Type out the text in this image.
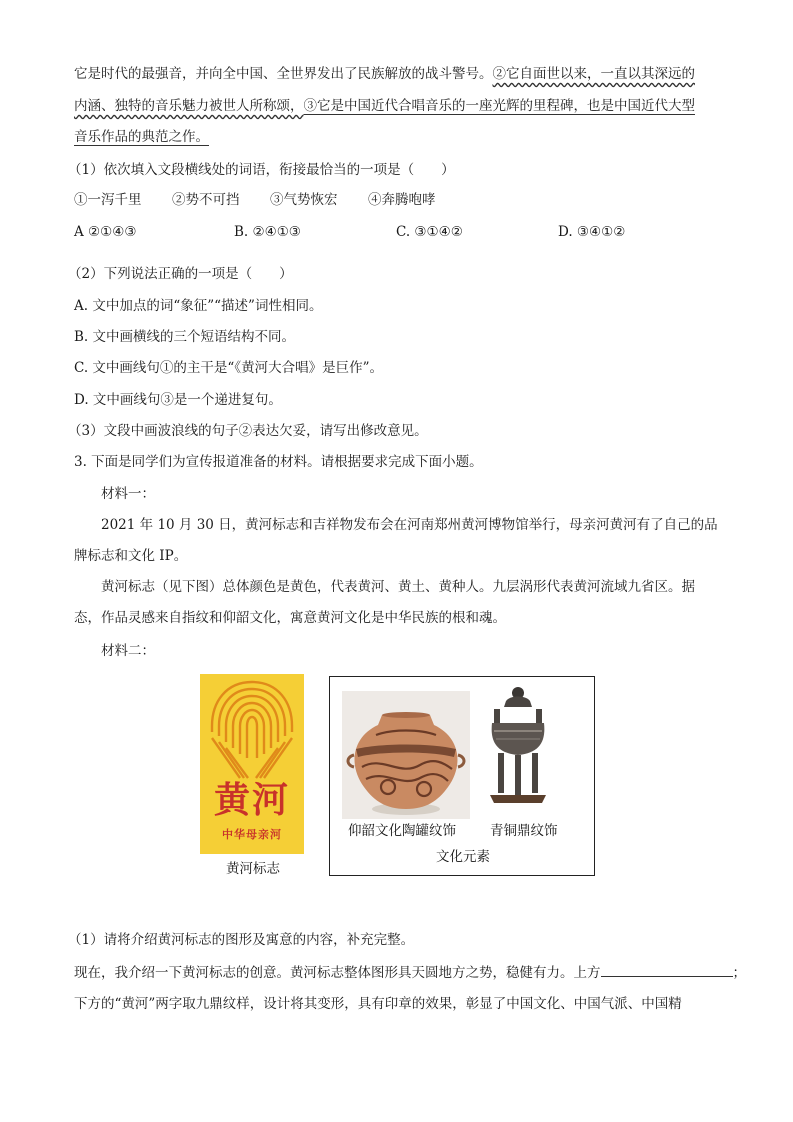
它是时代的最强音，并向全中国、全世界发出了民族解放的战斗警号。②它自面世以来，一直以其深远的
内涵、独特的音乐魅力被世人所称颂，③它是中国近代合唱音乐的一座光辉的里程碑，也是中国近代大型
音乐作品的典范之作。
（1）依次填入文段横线处的词语，衔接最恰当的一项是（　　）
①一泻千里 ②势不可挡 ③气势恢宏 ④奔腾咆哮
A ②①④③	B. ②④①③	C. ③①④②	D. ③④①②
（2）下列说法正确的一项是（　　）
A. 文中加点的词“象征”“描述”词性相同。
B. 文中画横线的三个短语结构不同。
C. 文中画线句①的主干是“《黄河大合唱》是巨作”。
D. 文中画线句③是一个递进复句。
（3）文段中画波浪线的句子②表达欠妥，请写出修改意见。
3. 下面是同学们为宣传报道准备的材料。请根据要求完成下面小题。
材料一：
2021 年 10 月 30 日，黄河标志和吉祥物发布会在河南郑州黄河博物馆举行，母亲河黄河有了自己的品
牌标志和文化 IP。
黄河标志（见下图）总体颜色是黄色，代表黄河、黄土、黄种人。九层涡形代表黄河流域九省区。据
态，作品灵感来自指纹和仰韶文化，寓意黄河文化是中华民族的根和魂。
材料二：
黄河
中华母亲河
黄河标志
仰韶文化陶罐纹饰	青铜鼎纹饰
文化元素
（1）请将介绍黄河标志的图形及寓意的内容，补充完整。
现在，我介绍一下黄河标志的创意。黄河标志整体图形具天圆地方之势，稳健有力。上方	；
下方的“黄河”两字取九鼎纹样，设计将其变形，具有印章的效果，彰显了中国文化、中国气派、中国精
